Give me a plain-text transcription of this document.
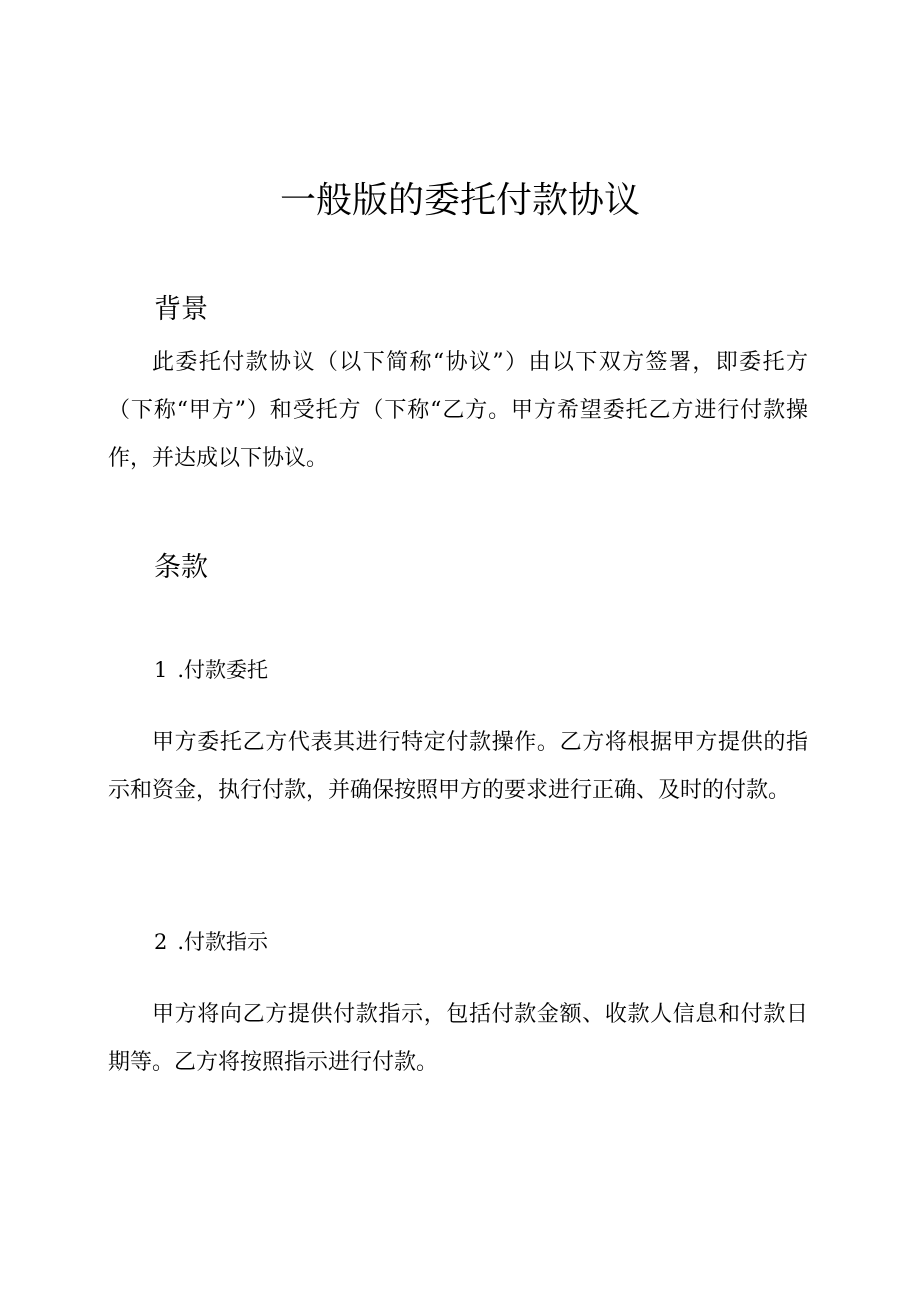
一般版的委托付款协议
背景

此委托付款协议（以下简称“协议”）由以下双方签署，即委托方（下称“甲方”）和受托方（下称“乙方。甲方希望委托乙方进行付款操作，并达成以下协议。

条款
1 .付款委托

甲方委托乙方代表其进行特定付款操作。乙方将根据甲方提供的指示和资金，执行付款，并确保按照甲方的要求进行正确、及时的付款。

2 .付款指示

甲方将向乙方提供付款指示，包括付款金额、收款人信息和付款日期等。乙方将按照指示进行付款。
